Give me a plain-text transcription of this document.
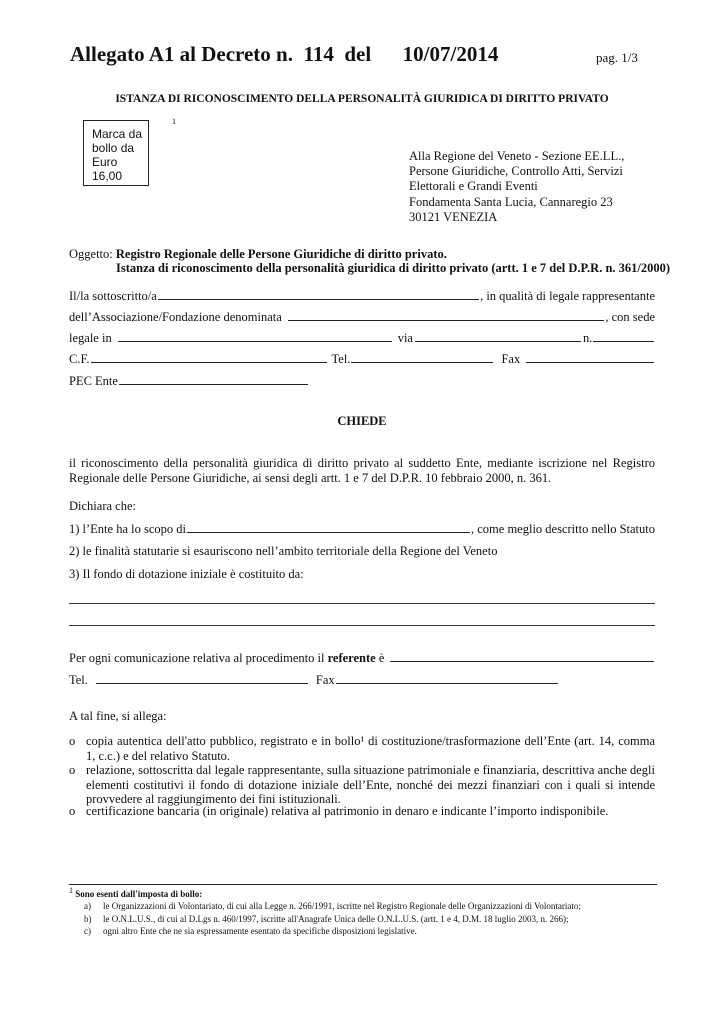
Allegato A1 al Decreto n.  114  del      10/07/2014	pag. 1/3
ISTANZA DI RICONOSCIMENTO DELLA PERSONALITÀ GIURIDICA DI DIRITTO PRIVATO
Marca da
bollo da
Euro 16,00
1
Alla Regione del Veneto - Sezione EE.LL.,
Persone Giuridiche, Controllo Atti, Servizi
Elettorali e Grandi Eventi
Fondamenta Santa Lucia, Cannaregio 23
30121 VENEZIA
Oggetto: Registro Regionale delle Persone Giuridiche di diritto privato.
Istanza di riconoscimento della personalità giuridica di diritto privato (artt. 1 e 7 del D.P.R. n. 361/2000)
Il/la sottoscritto/a	, in qualità di legale rappresentante
dell’Associazione/Fondazione denominata	, con sede
legale in	via	n.
C.F.	Tel.	Fax
PEC Ente
CHIEDE
il riconoscimento della personalità giuridica di diritto privato al suddetto Ente, mediante iscrizione nel Registro Regionale delle Persone Giuridiche, ai sensi degli artt. 1 e 7 del D.P.R. 10 febbraio 2000, n. 361.
Dichiara che:
1) l’Ente ha lo scopo di	, come meglio descritto nello Statuto
2) le finalità statutarie si esauriscono nell’ambito territoriale della Regione del Veneto
3) Il fondo di dotazione iniziale è costituito da:
Per ogni comunicazione relativa al procedimento il referente è
Tel.	Fax
A tal fine, si allega:
o copia autentica dell'atto pubblico, registrato e in bollo¹ di costituzione/trasformazione dell’Ente (art. 14, comma 1, c.c.) e del relativo Statuto.
o relazione, sottoscritta dal legale rappresentante, sulla situazione patrimoniale e finanziaria, descrittiva anche degli elementi costitutivi il fondo di dotazione iniziale dell’Ente, nonché dei mezzi finanziari con i quali si intende provvedere al raggiungimento dei fini istituzionali.
o certificazione bancaria (in originale) relativa al patrimonio in denaro e indicante l’importo indisponibile.
$^1$ Sono esenti dall'imposta di bollo:
a)	le Organizzazioni di Volontariato, di cui alla Legge n. 266/1991, iscritte nel Registro Regionale delle Organizzazioni di Volontariato;
b)	le O.N.L.U.S., di cui al D.Lgs n. 460/1997, iscritte all'Anagrafe Unica delle O.N.L.U.S. (artt. 1 e 4, D.M. 18 luglio 2003, n. 266);
c)	ogni altro Ente che ne sia espressamente esentato da specifiche disposizioni legislative.
